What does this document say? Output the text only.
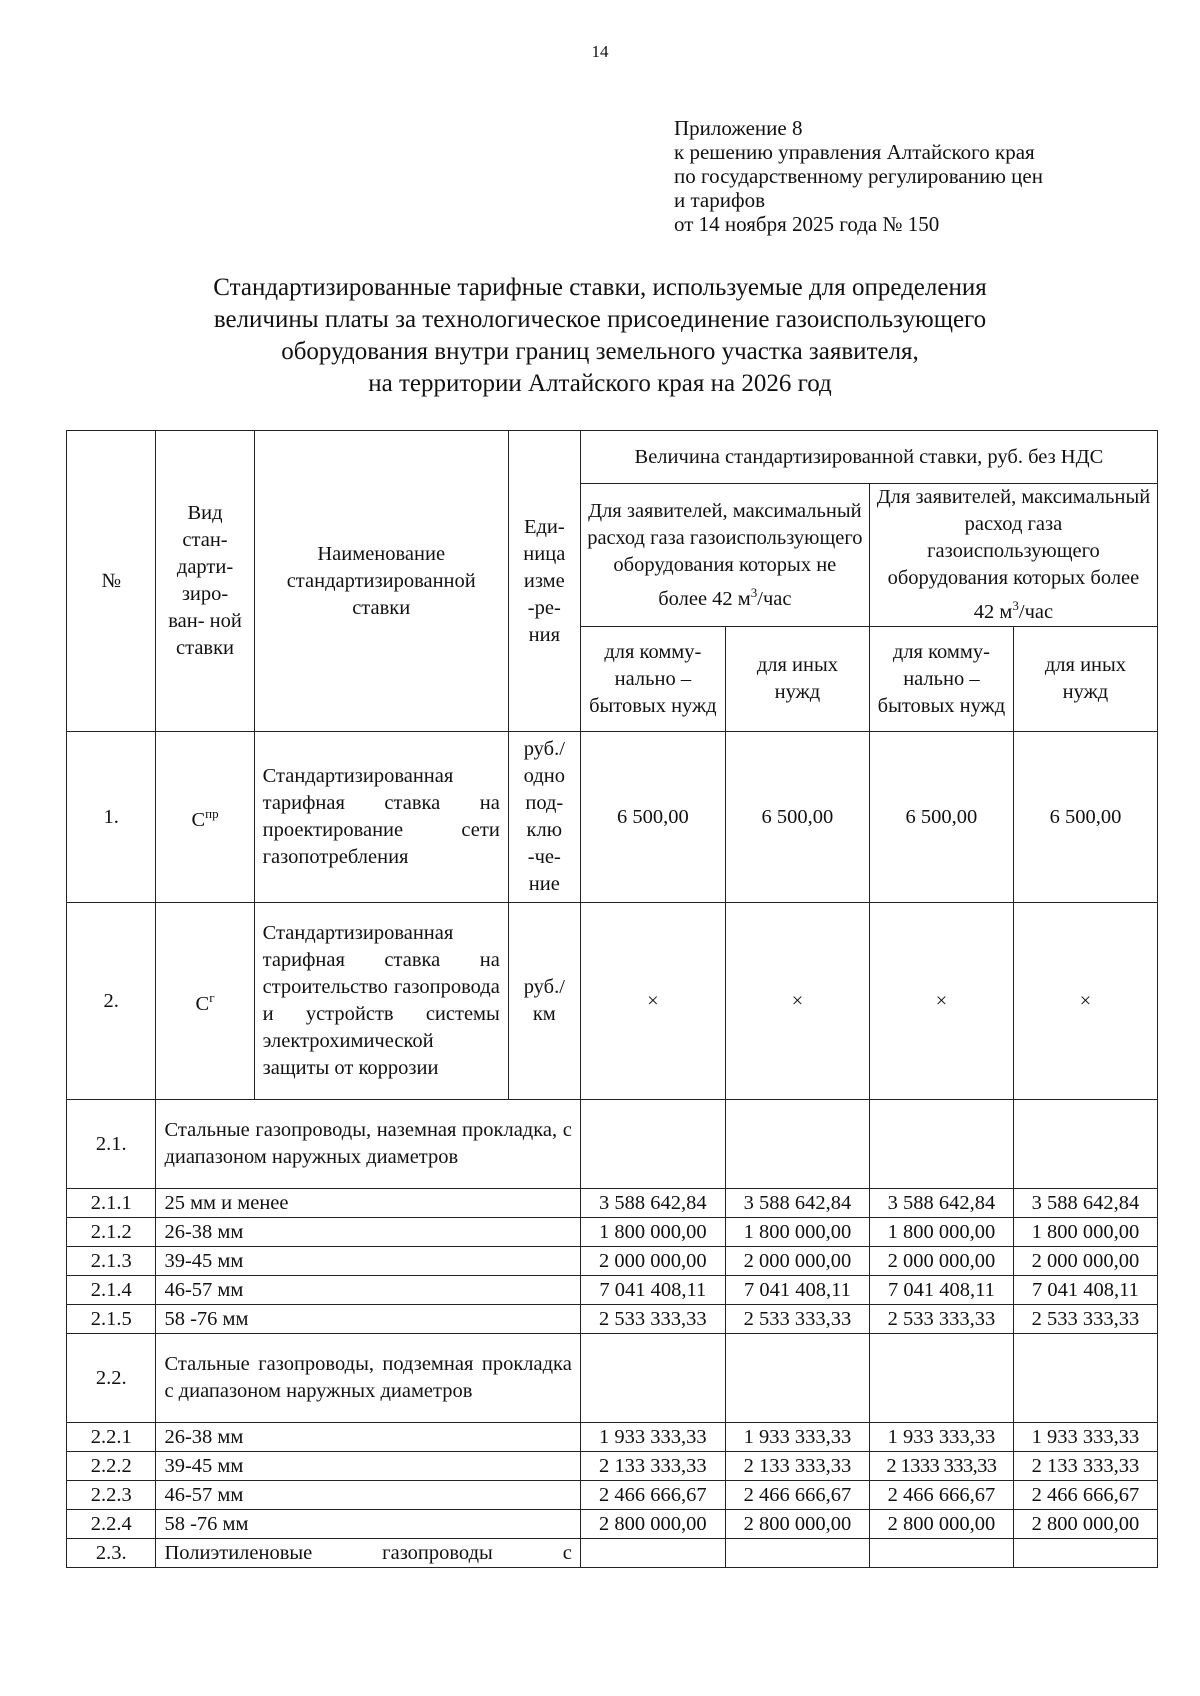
14
Приложение 8
к решению управления Алтайского края
по государственному регулированию цен
и тарифов
от 14 ноября 2025 года № 150
Стандартизированные тарифные ставки, используемые для определения
величины платы за технологическое присоединение газоиспользующего
оборудования внутри границ земельного участка заявителя,
на территории Алтайского края на 2026 год
№	Вид стан- дарти- зиро- ван- ной ставки	Наименование стандартизированной ставки	Еди- ница изме -ре- ния	Величина стандартизированной ставки, руб. без НДС			
				Для заявителей, максимальный расход газа газоиспользующего оборудования которых не более 42 $м^3$/час		Для заявителей, максимальный расход газа газоиспользующего оборудования которых более 42 $м^3$/час	
				для комму- нально – бытовых нужд	для иных нужд	для комму- нально – бытовых нужд	для иных нужд
1.	$С^{пр}$	Стандартизированная тарифная ставка на проектирование сети газопотребления	руб./ одно под- клю -че- ние	6 500,00	6 500,00	6 500,00	6 500,00
2.	$С^г$	Стандартизированная тарифная ставка на строительство газопровода и устройств системы электрохимической защиты от коррозии	руб./ км	×	×	×	×
2.1.	Стальные газопроводы, наземная прокладка, с диапазоном наружных диаметров						
2.1.1	25 мм и менее			3 588 642,84	3 588 642,84	3 588 642,84	3 588 642,84
2.1.2	26-38 мм			1 800 000,00	1 800 000,00	1 800 000,00	1 800 000,00
2.1.3	39-45 мм			2 000 000,00	2 000 000,00	2 000 000,00	2 000 000,00
2.1.4	46-57 мм			7 041 408,11	7 041 408,11	7 041 408,11	7 041 408,11
2.1.5	58 -76 мм			2 533 333,33	2 533 333,33	2 533 333,33	2 533 333,33
2.2.	Стальные газопроводы, подземная прокладка с диапазоном наружных диаметров						
2.2.1	26-38 мм			1 933 333,33	1 933 333,33	1 933 333,33	1 933 333,33
2.2.2	39-45 мм			2 133 333,33	2 133 333,33	2 1333 333,33	2 133 333,33
2.2.3	46-57 мм			2 466 666,67	2 466 666,67	2 466 666,67	2 466 666,67
2.2.4	58 -76 мм			2 800 000,00	2 800 000,00	2 800 000,00	2 800 000,00
2.3.	Полиэтиленовые газопроводы с						
